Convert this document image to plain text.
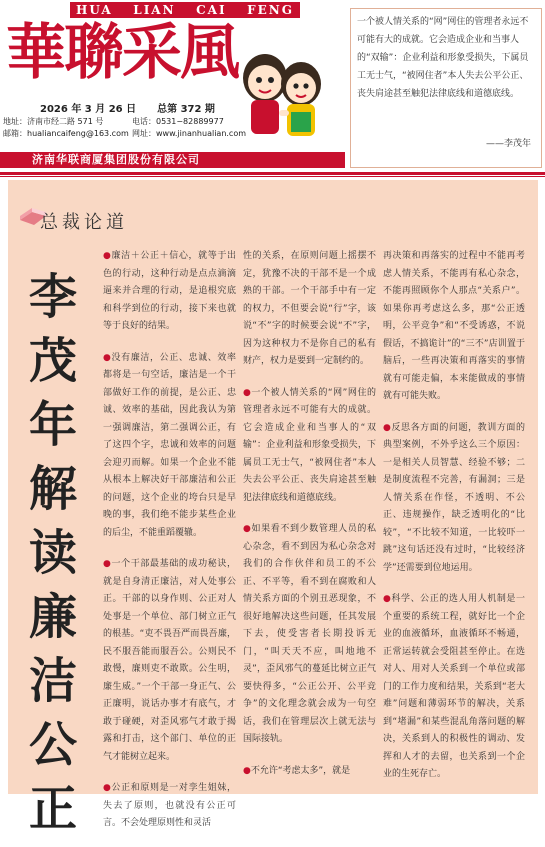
HUA LIAN CAI FENG
華聯采風
2026 年 3 月 26 日 总第 372 期
地址：济南市经二路 571 号	电话：0531−82889977
邮箱：hualiancaifeng@163.com 网址：www.jinanhualian.com
济南华联商厦集团股份有限公司
一个被人情关系的“网”网住的管理者永远不可能有大的成就。它会造成企业和当事人的“双输”：企业利益和形象受损失，下属员工无士气，“被网住者”本人失去公平公正、丧失肩途甚至触犯法律底线和道德底线。
——李茂年
总裁论道
李
茂
年
解
读
廉
洁
公
正

●廉洁＋公正＋信心，就等于出色的行动，这种行动是点点滴滴逼来并合理的行动，是追根究底和科学到位的行动，接下来也就等于良好的结果。

●没有廉洁，公正、忠诚、效率都将是一句空话，廉洁是一个干部做好工作的前提，是公正、忠诚、效率的基础，因此我认为第一强调廉洁，第二强调公正，有了这四个字，忠诚和效率的问题会迎刃而解。如果一个企业不能从根本上解决好干部廉洁和公正的问题，这个企业的垮台只是早晚的事，我们绝不能步某些企业的后尘，不能重蹈覆辙。

●一个干部最基础的成功秘诀，就是自身清正廉洁，对人处事公正。干部的以身作则、公正对人处事是一个单位、部门树立正气的根基。“吏不畏吾严而畏吾廉，民不服吾能而服吾公。公则民不敢慢，廉则吏不敢欺。公生明，廉生威。”一个干部一身正气、公正廉明，说话办事才有底气，才敢于碰硬，对歪风邪气才敢于揭露和打击，这个部门、单位的正气才能树立起来。

●公正和原则是一对孪生姐妹，失去了原则，也就没有公正可言。不会处理原则性和灵活

性的关系，在原则问题上摇摆不定，犹豫不决的干部不是一个成熟的干部。一个干部手中有一定的权力，不但要会说“行”字，该说“不”字的时候要会说“不”字，因为这种权力不是你自己的私有财产，权力是要到一定制约的。

●一个被人情关系的“网”网住的管理者永远不可能有大的成就。它会造成企业和当事人的“双输”：企业利益和形象受损失，下属员工无士气，“被网住者”本人失去公平公正、丧失肩途甚至触犯法律底线和道德底线。

●如果看不到少数管理人员的私心杂念，看不到因为私心杂念对我们的合作伙伴和员工的不公正、不平等，看不到在腐败和人情关系方面的个别丑恶现象，不很好地解决这些问题，任其发展下去，使受害者长期投诉无门，“叫天天不应，叫地地不灵”，歪风邪气的蔓延比树立正气要快得多，“公正公开、公平竞争”的文化理念就会成为一句空话，我们在管理层次上就无法与国际接轨。

●不允许“考虑太多”，就是

再决策和再落实的过程中不能再考虑人情关系，不能再有私心杂念，不能再照顾你个人那点“关系户”。如果你再考虑这么多，那“公正透明，公平竞争”和“不受诱惑，不说假话，不搞诡计”的“三不”店训置于脑后，一些再决策和再落实的事情就有可能走偏，本来能做成的事情就有可能失败。

●反思各方面的问题，教训方面的典型案例，不外乎这么三个原因：一是相关人员智慧、经验不够；二是制度流程不完善，有漏洞；三是人情关系在作怪，不透明、不公正、违规操作，缺乏透明化的“比较”，“不比较不知道，一比较吓一跳”这句话还没有过时，“比较经济学”还需要到位地运用。

●科学、公正的选人用人机制是一个重要的系统工程，就好比一个企业的血液循环，血液循环不畅通，正常运转就会受阻甚至停止。在选对人、用对人关系到一个单位或部门的工作力度和结果，关系到“老大难”问题和薄弱环节的解决，关系到“堵漏”和某些混乱角落问题的解决，关系到人的积极性的调动、发挥和人才的去留，也关系到一个企业的生死存亡。
